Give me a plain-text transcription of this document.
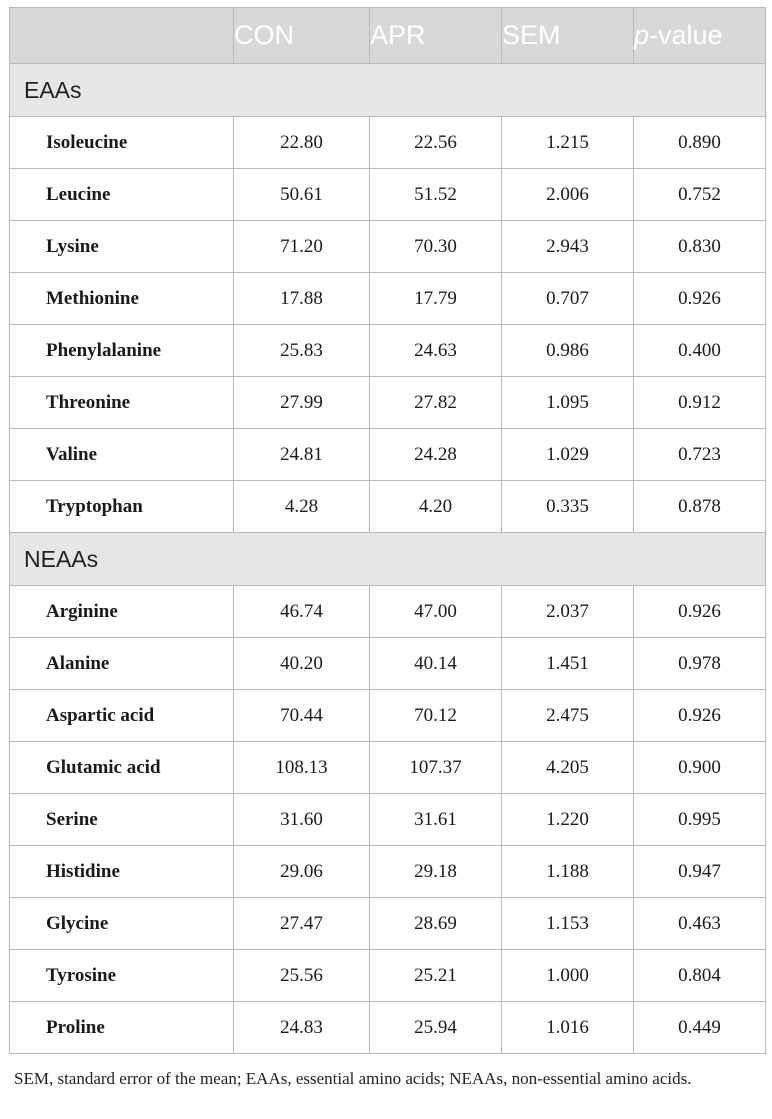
	CON	APR	SEM	p-value
EAAs				
Isoleucine	22.80	22.56	1.215	0.890
Leucine	50.61	51.52	2.006	0.752
Lysine	71.20	70.30	2.943	0.830
Methionine	17.88	17.79	0.707	0.926
Phenylalanine	25.83	24.63	0.986	0.400
Threonine	27.99	27.82	1.095	0.912
Valine	24.81	24.28	1.029	0.723
Tryptophan	4.28	4.20	0.335	0.878
NEAAs				
Arginine	46.74	47.00	2.037	0.926
Alanine	40.20	40.14	1.451	0.978
Aspartic acid	70.44	70.12	2.475	0.926
Glutamic acid	108.13	107.37	4.205	0.900
Serine	31.60	31.61	1.220	0.995
Histidine	29.06	29.18	1.188	0.947
Glycine	27.47	28.69	1.153	0.463
Tyrosine	25.56	25.21	1.000	0.804
Proline	24.83	25.94	1.016	0.449
SEM, standard error of the mean; EAAs, essential amino acids; NEAAs, non-essential amino acids.
